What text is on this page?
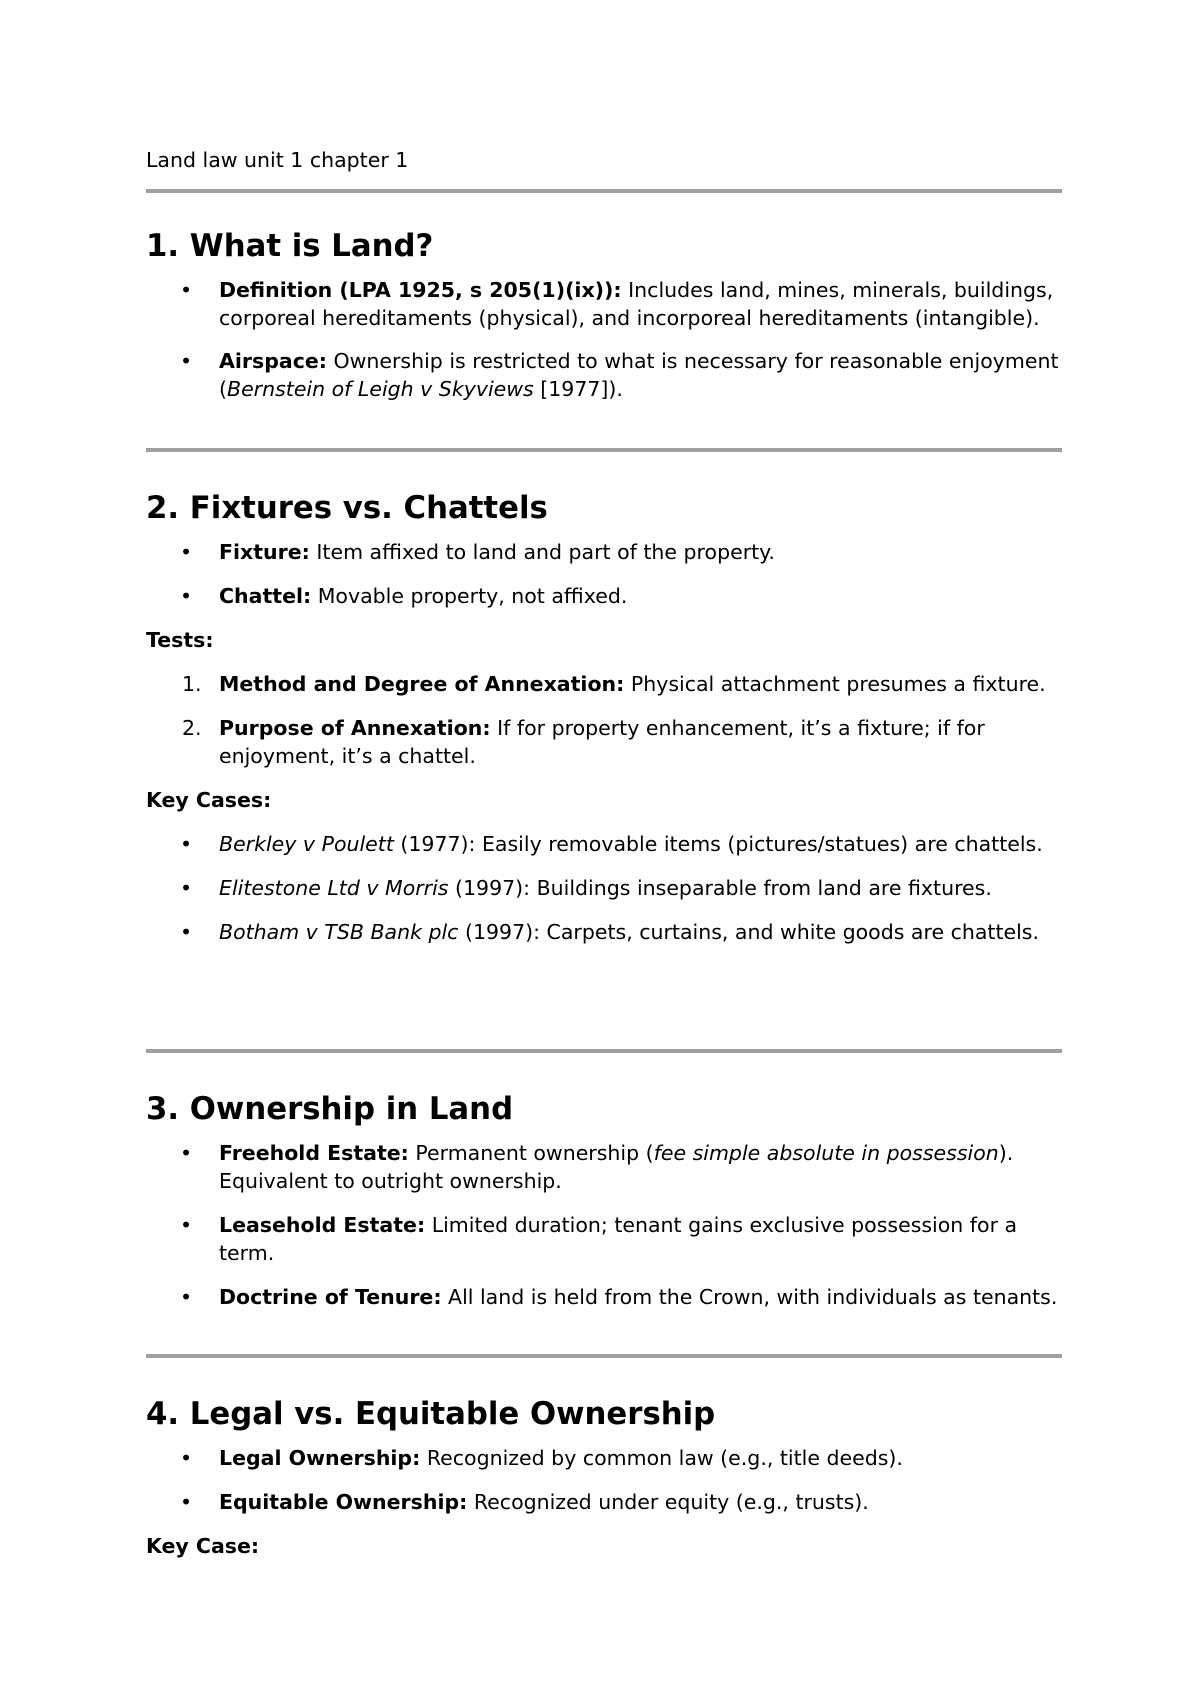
Land law unit 1 chapter 1
1. What is Land?
• Definition (LPA 1925, s 205(1)(ix)): Includes land, mines, minerals, buildings, corporeal hereditaments (physical), and incorporeal hereditaments (intangible).
• Airspace: Ownership is restricted to what is necessary for reasonable enjoyment (Bernstein of Leigh v Skyviews [1977]).
2. Fixtures vs. Chattels
• Fixture: Item affixed to land and part of the property.
• Chattel: Movable property, not affixed.

Tests:

1. Method and Degree of Annexation: Physical attachment presumes a fixture.
2. Purpose of Annexation: If for property enhancement, it’s a fixture; if for enjoyment, it’s a chattel.

Key Cases:

• Berkley v Poulett (1977): Easily removable items (pictures/statues) are chattels.
• Elitestone Ltd v Morris (1997): Buildings inseparable from land are fixtures.
• Botham v TSB Bank plc (1997): Carpets, curtains, and white goods are chattels.
3. Ownership in Land
• Freehold Estate: Permanent ownership (fee simple absolute in possession). Equivalent to outright ownership.
• Leasehold Estate: Limited duration; tenant gains exclusive possession for a term.
• Doctrine of Tenure: All land is held from the Crown, with individuals as tenants.
4. Legal vs. Equitable Ownership
• Legal Ownership: Recognized by common law (e.g., title deeds).
• Equitable Ownership: Recognized under equity (e.g., trusts).

Key Case:
